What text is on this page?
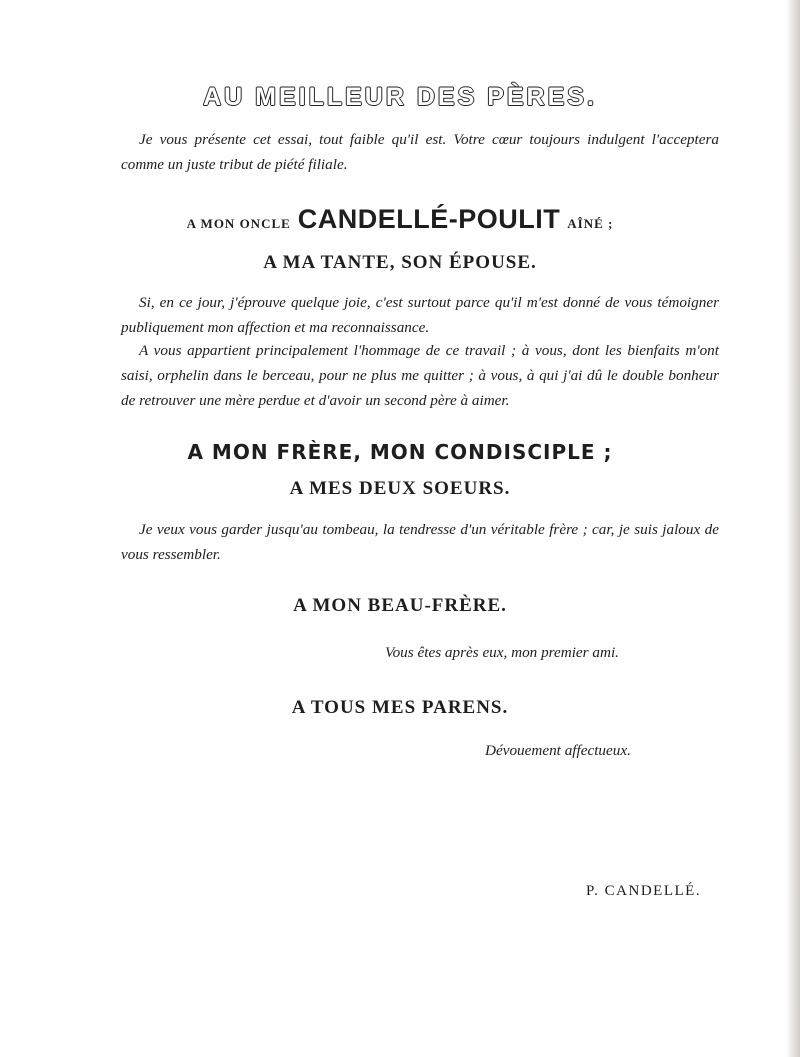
AU MEILLEUR DES PÈRES.
Je vous présente cet essai, tout faible qu'il est. Votre cœur toujours indulgent l'acceptera comme un juste tribut de piété filiale.
A MON ONCLE CANDELLÉ-POULIT AÎNÉ ;
A MA TANTE, SON ÉPOUSE.
Si, en ce jour, j'éprouve quelque joie, c'est surtout parce qu'il m'est donné de vous témoigner publiquement mon affection et ma reconnaissance.
A vous appartient principalement l'hommage de ce travail ; à vous, dont les bienfaits m'ont saisi, orphelin dans le berceau, pour ne plus me quitter ; à vous, à qui j'ai dû le double bonheur de retrouver une mère perdue et d'avoir un second père à aimer.
A MON FRÈRE, MON CONDISCIPLE ;
A MES DEUX SOEURS.
Je veux vous garder jusqu'au tombeau, la tendresse d'un véritable frère ; car, je suis jaloux de vous ressembler.
A MON BEAU-FRÈRE.
Vous êtes après eux, mon premier ami.
A TOUS MES PARENS.
Dévouement affectueux.
P. CANDELLÉ.
